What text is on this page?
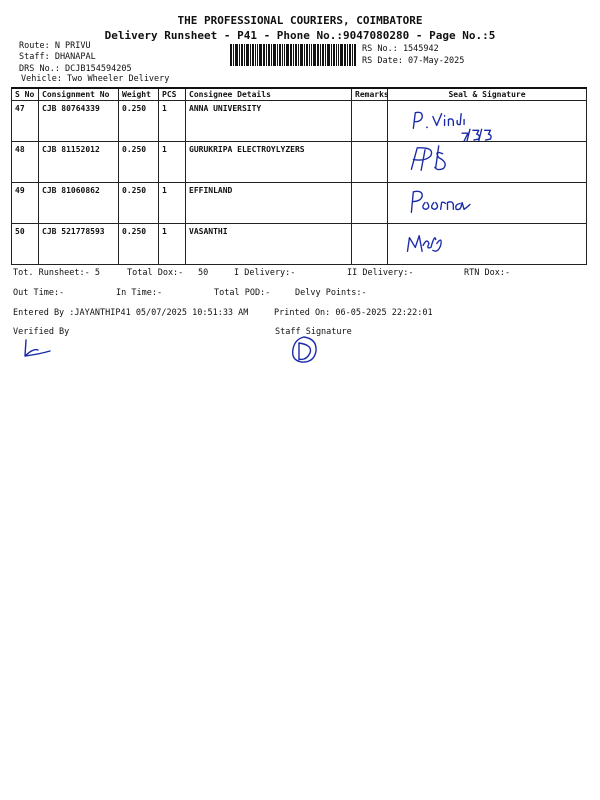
THE PROFESSIONAL COURIERS, COIMBATORE
Delivery Runsheet - P41 - Phone No.:9047080280 - Page No.:5
Route: N PRIVU
Staff: DHANAPAL
DRS No.: DCJB154594205
Vehicle: Two Wheeler Delivery
RS No.: 1545942
RS Date: 07-May-2025
S No	Consignment No	Weight	PCS	Consignee Details	Remarks	Seal & Signature
47	CJB 80764339	0.250	1	ANNA UNIVERSITY		

48	CJB 81152012	0.250	1	GURUKRIPA ELECTROYLYZERS		

49	CJB 81060862	0.250	1	EFFINLAND		

50	CJB 521778593	0.250	1	VASANTHI		
Tot. Runsheet:- 5	Total Dox:- 50	I Delivery:-	II Delivery:-	RTN Dox:-
Out Time:-	In Time:-	Total POD:-	Delvy Points:-
Entered By :JAYANTHIP41 05/07/2025 10:51:33 AM	Printed On: 06-05-2025 22:22:01
Verified By	Staff Signature
